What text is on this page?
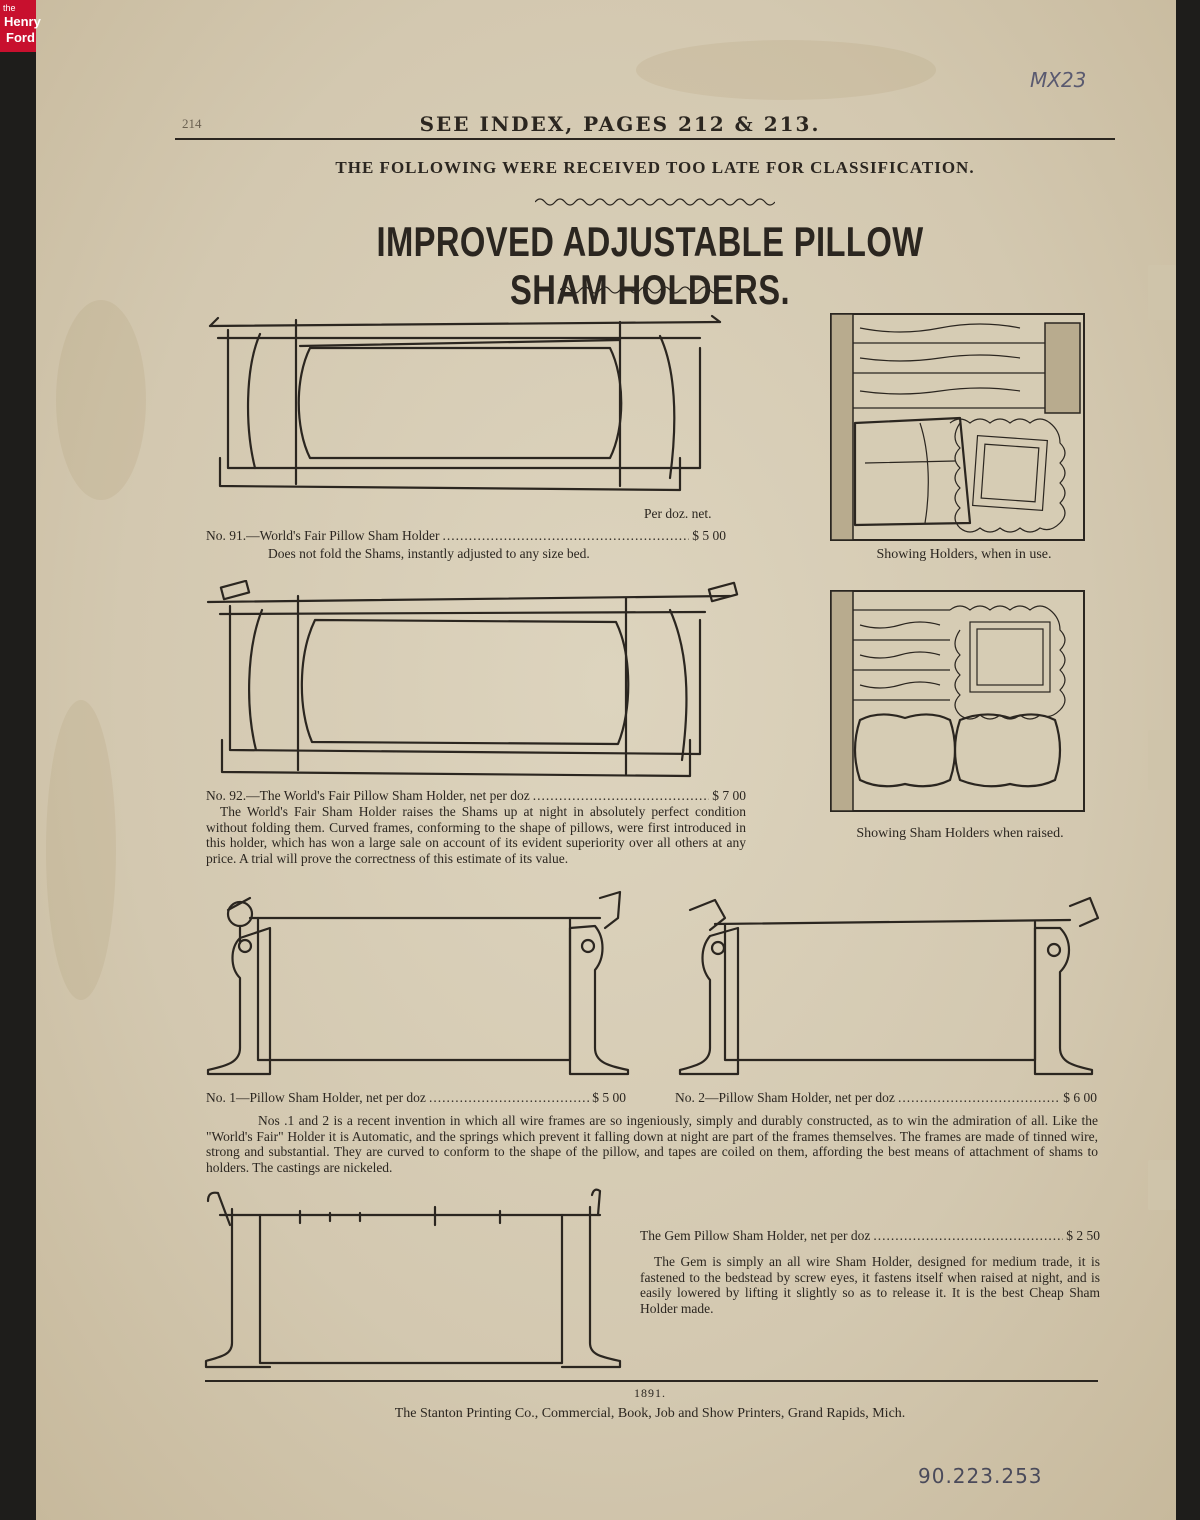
the
Henry
Ford
214	SEE INDEX, PAGES 212 & 213.
MX23
THE FOLLOWING WERE RECEIVED TOO LATE FOR CLASSIFICATION.
IMPROVED ADJUSTABLE PILLOW SHAM HOLDERS.
Per doz. net.
No. 91.—World's Fair Pillow Sham Holder .....	$ 5 00
Does not fold the Shams, instantly adjusted to any size bed.	Showing Holders, when in use.
Showing Sham Holders when raised.
No. 92.—The World's Fair Pillow Sham Holder, net per doz .....	$ 7 00
The World's Fair Sham Holder raises the Shams up at night in absolutely perfect condition without folding them. Curved frames, conforming to the shape of pillows, were first introduced in this holder, which has won a large sale on account of its evident superiority over all others at any price. A trial will prove the correctness of this estimate of its value.
No. 1—Pillow Sham Holder, net per doz .....	$ 5 00	No. 2—Pillow Sham Holder, net per doz .....	$ 6 00
Nos .1 and 2 is a recent invention in which all wire frames are so ingeniously, simply and durably constructed, as to win the admiration of all. Like the "World's Fair" Holder it is Automatic, and the springs which prevent it falling down at night are part of the frames themselves. The frames are made of tinned wire, strong and substantial. They are curved to conform to the shape of the pillow, and tapes are coiled on them, affording the best means of attachment of shams to holders. The castings are nickeled.
The Gem Pillow Sham Holder, net per doz .....	$ 2 50
The Gem is simply an all wire Sham Holder, designed for medium trade, it is fastened to the bedstead by screw eyes, it fastens itself when raised at night, and is easily lowered by lifting it slightly so as to release it. It is the best Cheap Sham Holder made.
1891.
The Stanton Printing Co., Commercial, Book, Job and Show Printers, Grand Rapids, Mich.
90.223.253
